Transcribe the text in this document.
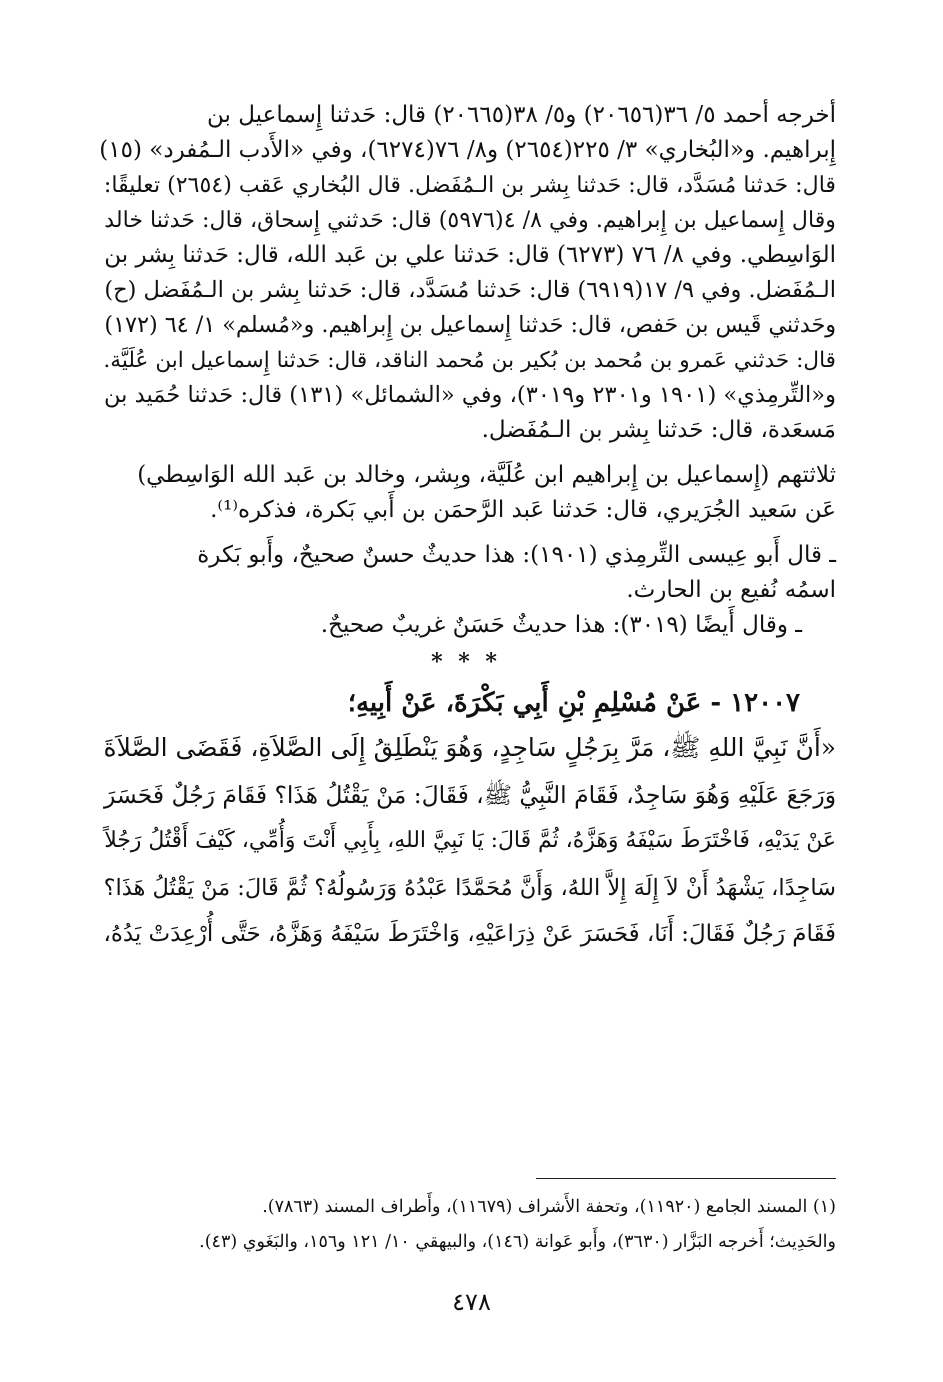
أخرجه أحمد ٥/ ٣٦(٢٠٦٥٦) و٥/ ٣٨(٢٠٦٦٥) قال: حَدثنا إِسماعيل بن
إِبراهيم. و«البُخاري» ٣/ ٢٢٥(٢٦٥٤) و٨/ ٧٦(٦٢٧٤)، وفي «الأَدب الـمُفرد» (١٥)
قال: حَدثنا مُسَدَّد، قال: حَدثنا بِشر بن الـمُفَضل. قال البُخاري عَقب (٢٦٥٤) تعليقًا:
وقال إِسماعيل بن إِبراهيم. وفي ٨/ ٤(٥٩٧٦) قال: حَدثني إِسحاق، قال: حَدثنا خالد
الوَاسِطي. وفي ٨/ ٧٦ (٦٢٧٣) قال: حَدثنا علي بن عَبد الله، قال: حَدثنا بِشر بن
الـمُفَضل. وفي ٩/ ١٧(٦٩١٩) قال: حَدثنا مُسَدَّد، قال: حَدثنا بِشر بن الـمُفَضل (ح)
وحَدثني قَيس بن حَفص، قال: حَدثنا إِسماعيل بن إِبراهيم. و«مُسلم» ١/ ٦٤ (١٧٢)
قال: حَدثني عَمرو بن مُحمد بن بُكير بن مُحمد الناقد، قال: حَدثنا إِسماعيل ابن عُلَيَّة.
و«التِّرمِذي» (١٩٠١ و٢٣٠١ و٣٠١٩)، وفي «الشمائل» (١٣١) قال: حَدثنا حُمَيد بن
مَسعَدة، قال: حَدثنا بِشر بن الـمُفَضل.
ثلاثتهم (إِسماعيل بن إِبراهيم ابن عُلَيَّة، وبِشر، وخالد بن عَبد الله الوَاسِطي)
عَن سَعيد الجُرَيري، قال: حَدثنا عَبد الرَّحمَن بن أَبي بَكرة، فذكره⁽¹⁾.
ـ قال أَبو عِيسى التِّرمِذي (١٩٠١): هذا حديثٌ حسنٌ صحيحٌ، وأَبو بَكرة
اسمُه نُفيع بن الحارث.
ـ وقال أَيضًا (٣٠١٩): هذا حديثٌ حَسَنٌ غريبٌ صحيحٌ.
* * *
١٢٠٠٧ - عَنْ مُسْلِمِ بْنِ أَبِي بَكْرَةَ، عَنْ أَبِيهِ؛
«أَنَّ نَبِيَّ اللهِ ﷺ، مَرَّ بِرَجُلٍ سَاجِدٍ، وَهُوَ يَنْطَلِقُ إِلَى الصَّلاَةِ، فَقَضَى الصَّلاَةَ
وَرَجَعَ عَلَيْهِ وَهُوَ سَاجِدٌ، فَقَامَ النَّبِيُّ ﷺ، فَقَالَ: مَنْ يَقْتُلُ هَذَا؟ فَقَامَ رَجُلٌ فَحَسَرَ
عَنْ يَدَيْهِ، فَاخْتَرَطَ سَيْفَهُ وَهَزَّهُ، ثُمَّ قَالَ: يَا نَبِيَّ اللهِ، بِأَبِي أَنْتَ وَأُمِّي، كَيْفَ أَقْتُلُ رَجُلاً
سَاجِدًا، يَشْهَدُ أَنْ لاَ إِلَهَ إِلاَّ اللهُ، وَأَنَّ مُحَمَّدًا عَبْدُهُ وَرَسُولُهُ؟ ثُمَّ قَالَ: مَنْ يَقْتُلُ هَذَا؟
فَقَامَ رَجُلٌ فَقَالَ: أَنَا، فَحَسَرَ عَنْ ذِرَاعَيْهِ، وَاخْتَرَطَ سَيْفَهُ وَهَزَّهُ، حَتَّى أُرْعِدَتْ يَدُهُ،
(١) المسند الجامع (١١٩٢٠)، وتحفة الأَشراف (١١٦٧٩)، وأَطراف المسند (٧٨٦٣).
والحَدِيث؛ أَخرجه البَزَّار (٣٦٣٠)، وأَبو عَوانة (١٤٦)، والبيهقي ١٠/ ١٢١ و١٥٦، والبَغَوي (٤٣).
٤٧٨
